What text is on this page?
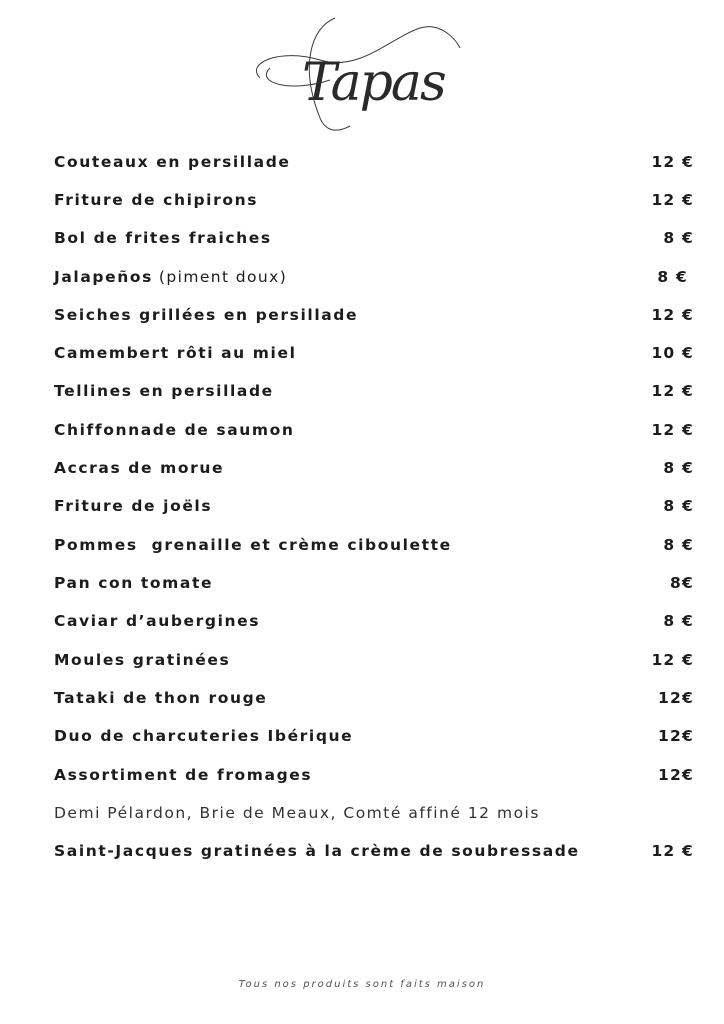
Tapas
Couteaux en persillade	12 €
Friture de chipirons	12 €
Bol de frites fraiches	8 €
Jalapeños (piment doux)	8 €
Seiches grillées en persillade	12 €
Camembert rôti au miel	10 €
Tellines en persillade	12 €
Chiffonnade de saumon	12 €
Accras de morue	8 €
Friture de joëls	8 €
Pommes  grenaille et crème ciboulette	8 €
Pan con tomate	8€
Caviar d’aubergines	8 €
Moules gratinées	12 €
Tataki de thon rouge	12€
Duo de charcuteries Ibérique	12€
Assortiment de fromages	12€
Demi Pélardon, Brie de Meaux, Comté affiné 12 mois
Saint-Jacques gratinées à la crème de soubressade	12 €
Tous nos produits sont faits maison
